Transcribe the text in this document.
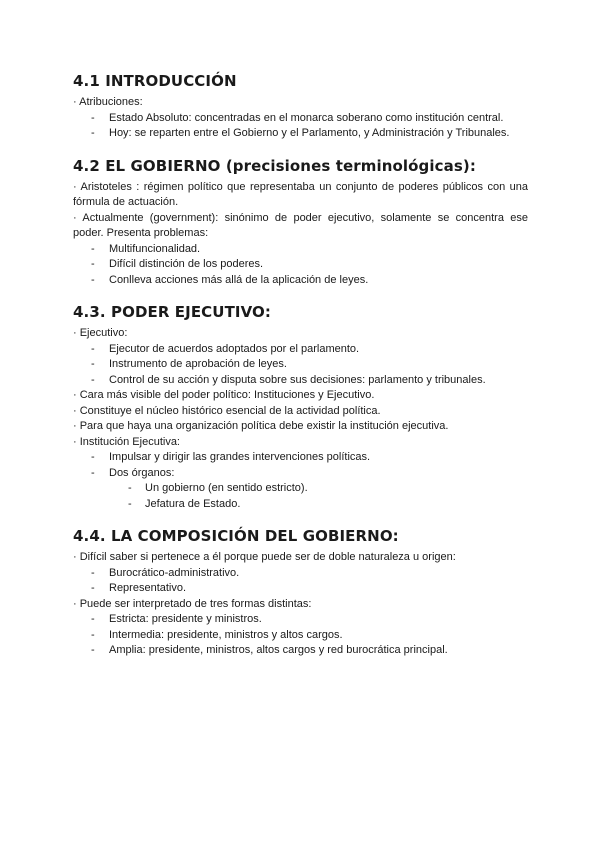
4.1 INTRODUCCIÓN
· Atribuciones:
- Estado Absoluto: concentradas en el monarca soberano como institución central.
- Hoy: se reparten entre el Gobierno y el Parlamento, y Administración y Tribunales.
4.2 EL GOBIERNO (precisiones terminológicas):
· Aristoteles : régimen político que representaba un conjunto de poderes públicos con una fórmula de actuación.
· Actualmente (government): sinónimo de poder ejecutivo, solamente se concentra ese poder. Presenta problemas:
- Multifuncionalidad.
- Difícil distinción de los poderes.
- Conlleva acciones más allá de la aplicación de leyes.
4.3. PODER EJECUTIVO:
· Ejecutivo:
- Ejecutor de acuerdos adoptados por el parlamento.
- Instrumento de aprobación de leyes.
- Control de su acción y disputa sobre sus decisiones: parlamento y tribunales.
· Cara más visible del poder político: Instituciones y Ejecutivo.
· Constituye el núcleo histórico esencial de la actividad política.
· Para que haya una organización política debe existir la institución ejecutiva.
· Institución Ejecutiva:
- Impulsar y dirigir las grandes intervenciones políticas.
- Dos órganos:
- Un gobierno (en sentido estricto).
- Jefatura de Estado.
4.4. LA COMPOSICIÓN DEL GOBIERNO:
· Difícil saber si pertenece a él porque puede ser de doble naturaleza u origen:
- Burocrático-administrativo.
- Representativo.
· Puede ser interpretado de tres formas distintas:
- Estricta: presidente y ministros.
- Intermedia: presidente, ministros y altos cargos.
- Amplia: presidente, ministros, altos cargos y red burocrática principal.
